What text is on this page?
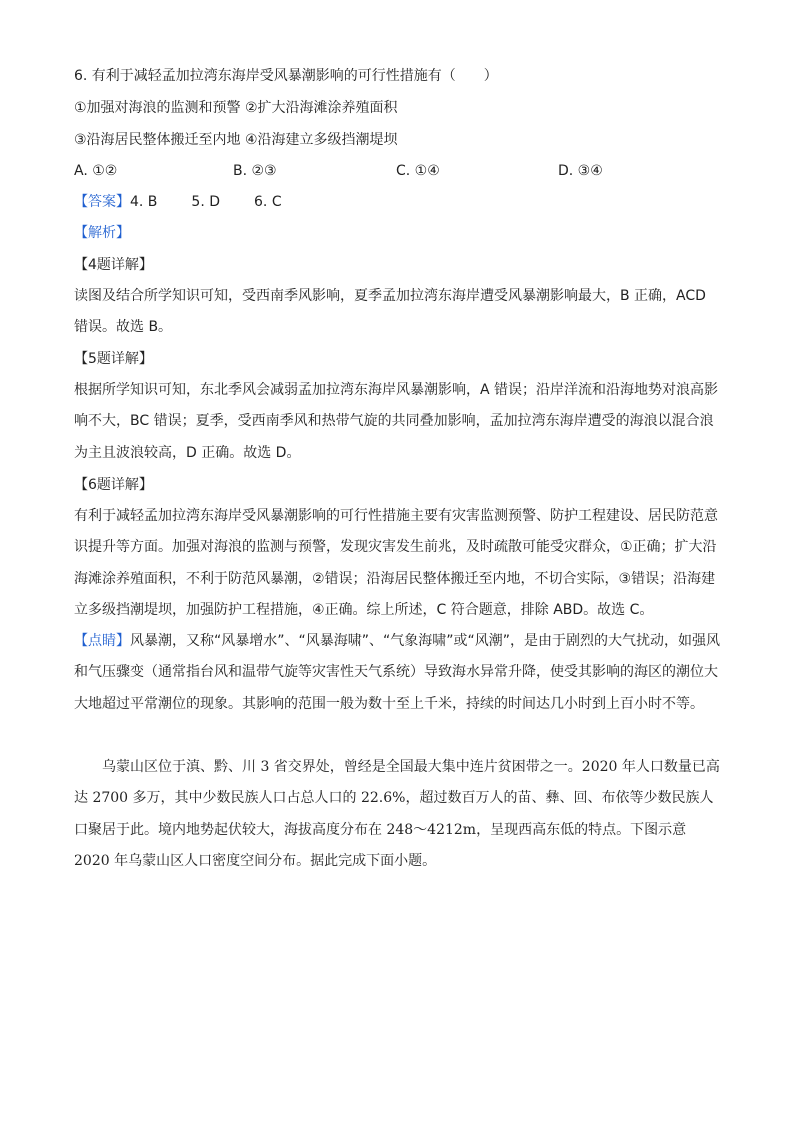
6. 有利于减轻孟加拉湾东海岸受风暴潮影响的可行性措施有（　　）
①加强对海浪的监测和预警 ②扩大沿海滩涂养殖面积
③沿海居民整体搬迁至内地 ④沿海建立多级挡潮堤坝
A. ①②	B. ②③	C. ①④	D. ③④
【答案】4. B 5. D 6. C
【解析】
【4题详解】
读图及结合所学知识可知，受西南季风影响，夏季孟加拉湾东海岸遭受风暴潮影响最大，B 正确，ACD 错误。故选 B。
【5题详解】
根据所学知识可知，东北季风会减弱孟加拉湾东海岸风暴潮影响，A 错误；沿岸洋流和沿海地势对浪高影响不大，BC 错误；夏季，受西南季风和热带气旋的共同叠加影响，孟加拉湾东海岸遭受的海浪以混合浪为主且波浪较高，D 正确。故选 D。
【6题详解】
有利于减轻孟加拉湾东海岸受风暴潮影响的可行性措施主要有灾害监测预警、防护工程建设、居民防范意识提升等方面。加强对海浪的监测与预警，发现灾害发生前兆，及时疏散可能受灾群众，①正确；扩大沿海滩涂养殖面积，不利于防范风暴潮，②错误；沿海居民整体搬迁至内地，不切合实际，③错误；沿海建立多级挡潮堤坝，加强防护工程措施，④正确。综上所述，C 符合题意，排除 ABD。故选 C。
【点睛】风暴潮，又称“风暴增水”、“风暴海啸”、“气象海啸”或“风潮”，是由于剧烈的大气扰动，如强风和气压骤变（通常指台风和温带气旋等灾害性天气系统）导致海水异常升降，使受其影响的海区的潮位大大地超过平常潮位的现象。其影响的范围一般为数十至上千米，持续的时间达几小时到上百小时不等。
乌蒙山区位于滇、黔、川 3 省交界处，曾经是全国最大集中连片贫困带之一。2020 年人口数量已高达 2700 多万，其中少数民族人口占总人口的 22.6%，超过数百万人的苗、彝、回、布依等少数民族人口聚居于此。境内地势起伏较大，海拔高度分布在 248～4212m，呈现西高东低的特点。下图示意 2020 年乌蒙山区人口密度空间分布。据此完成下面小题。
